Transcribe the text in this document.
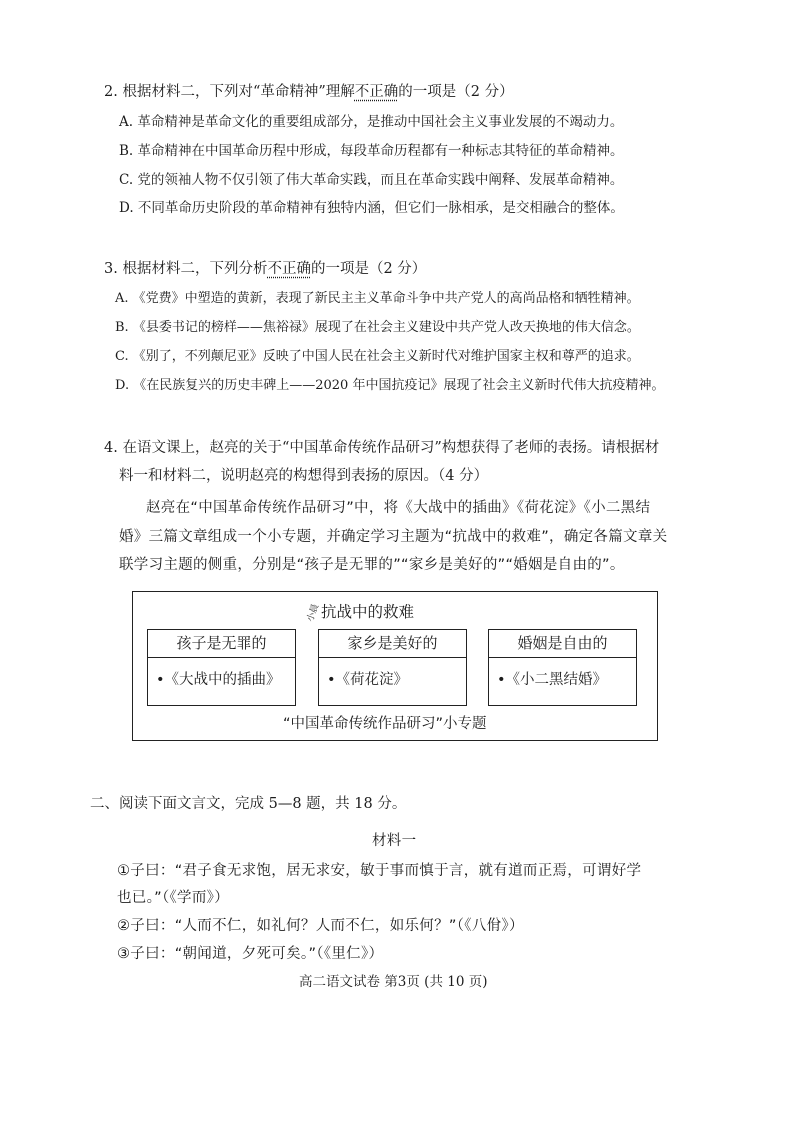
2. 根据材料二，下列对“革命精神”理解不正确的一项是（2 分）
A. 革命精神是革命文化的重要组成部分，是推动中国社会主义事业发展的不竭动力。
B. 革命精神在中国革命历程中形成，每段革命历程都有一种标志其特征的革命精神。
C. 党的领袖人物不仅引领了伟大革命实践，而且在革命实践中阐释、发展革命精神。
D. 不同革命历史阶段的革命精神有独特内涵，但它们一脉相承，是交相融合的整体。
3. 根据材料二，下列分析不正确的一项是（2 分）
A. 《党费》中塑造的黄新，表现了新民主主义革命斗争中共产党人的高尚品格和牺牲精神。
B. 《县委书记的榜样——焦裕禄》展现了在社会主义建设中共产党人改天换地的伟大信念。
C. 《别了，不列颠尼亚》反映了中国人民在社会主义新时代对维护国家主权和尊严的追求。
D. 《在民族复兴的历史丰碑上——2020 年中国抗疫记》展现了社会主义新时代伟大抗疫精神。
4. 在语文课上，赵亮的关于“中国革命传统作品研习”构想获得了老师的表扬。请根据材
料一和材料二，说明赵亮的构想得到表扬的原因。（4 分）
赵亮在“中国革命传统作品研习”中，将《大战中的插曲》《荷花淀》《小二黑结
婚》三篇文章组成一个小专题，并确定学习主题为“抗战中的救难”，确定各篇文章关
联学习主题的侧重，分别是“孩子是无罪的”“家乡是美好的”“婚姻是自由的”。
抗战中的救难
小晨
孩子是无罪的
•《大战中的插曲》
家乡是美好的
•《荷花淀》
婚姻是自由的
•《小二黑结婚》
“中国革命传统作品研习”小专题
二、阅读下面文言文，完成 5—8 题，共 18 分。
材料一
①子曰：“君子食无求饱，居无求安，敏于事而慎于言，就有道而正焉，可谓好学
也已。”（《学而》）
②子曰：“人而不仁，如礼何？人而不仁，如乐何？”（《八佾》）
③子曰：“朝闻道，夕死可矣。”（《里仁》）
高二语文试卷 第3页 (共 10 页)
